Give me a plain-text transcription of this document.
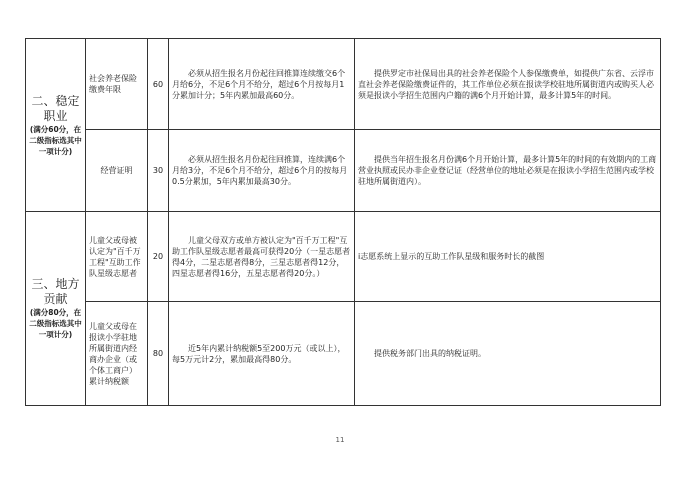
二、稳定职业
(满分60分，在二级指标选其中一项计分)	社会养老保险缴费年限	60	必须从招生报名月份起往回推算连续缴交6个月给6分，不足6个月不给分，超过6个月按每月1分累加计分；5年内累加最高60分。	提供罗定市社保局出具的社会养老保险个人参保缴费单，如提供广东省、云浮市直社会养老保险缴费证件的，其工作单位必须在报读学校驻地所属街道内或购买人必须是报读小学招生范围内户籍的满6个月开始计算，最多计算5年的时间。

	经营证明	30	必须从招生报名月份起往回推算，连续满6个月给3分，不足6个月不给分，超过6个月的按每月0.5分累加，5年内累加最高30分。	提供当年招生报名月份满6个月开始计算，最多计算5年的时间的有效期内的工商营业执照或民办非企业登记证（经营单位的地址必须是在报读小学招生范围内或学校驻地所属街道内）。

三、地方贡献
(满分80分，在二级指标选其中一项计分)	儿童父或母被认定为"百千万工程"互助工作队星级志愿者	20	儿童父母双方或单方被认定为"百千万工程"互助工作队星级志愿者最高可获得20分（一星志愿者得4分，二星志愿者得8分，三星志愿者得12分，四星志愿者得16分，五星志愿者得20分。）	i志愿系统上显示的互助工作队星级和服务时长的截图

	儿童父或母在报读小学驻地所属街道内经商办企业（或个体工商户）累计纳税额	80	近5年内累计纳税额5至200万元（或以上），每5万元计2分，累加最高得80分。	提供税务部门出具的纳税证明。
11
